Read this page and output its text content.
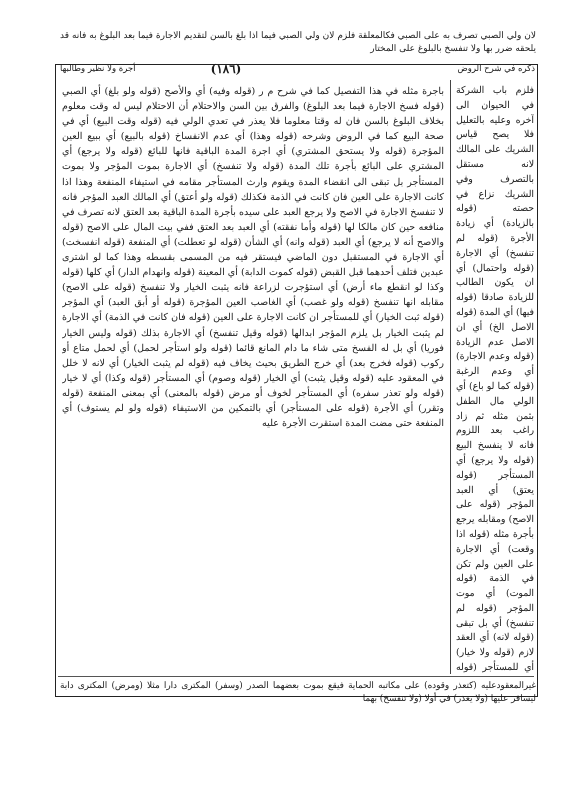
لان ولي الصبي تصرف به على الصبي فكالمعلقة فلزم لان ولي الصبي فيما اذا بلغ بالسن لتقديم الاجارة فيما بعد البلوغ به فانه قد يلحقه ضرر بها ولا تنفسخ بالبلوغ على المختار
ذكره في شرح الروض
(١٨٦)
أجرة ولا نظير وطالبها
باجرة مثله في هذا التفصيل كما في شرح م ر (قوله وفيه) أي والأصح (قوله ولو بلغ) أي الصبي (قوله فسخ الاجارة فيما بعد البلوغ) والفرق بين السن والاحتلام أن الاحتلام ليس له وقت معلوم بخلاف البلوغ بالسن فان له وقتا معلوما فلا يعذر في تعدي الولي فيه (قوله وقت البيع) أي في صحة البيع كما في الروض وشرحه (قوله وهذا) أي عدم الانفساخ (قوله بالبيع) أي ببيع العين المؤجرة (قوله ولا يستحق المشتري) أي اجرة المدة الباقية فانها للبائع (قوله ولا يرجع) أي المشتري على البائع بأجرة تلك المدة (قوله ولا تنفسخ) أي الاجارة بموت المؤجر ولا بموت المستأجر بل تبقى الى انقضاء المدة ويقوم وارث المستأجر مقامه في استيفاء المنفعة وهذا اذا كانت الاجارة على العين فان كانت في الذمة فكذلك (قوله ولو أعتق) أي المالك العبد المؤجر فانه لا تنفسخ الاجارة في الاصح ولا يرجع العبد على سيده بأجرة المدة الباقية بعد العتق لانه تصرف في منافعه حين كان مالكا لها (قوله وأما نفقته) أي العبد بعد العتق ففي بيت المال على الاصح (قوله والاصح أنه لا يرجع) أي العبد (قوله وانه) أي الشأن (قوله لو تعطلت) أي المنفعة (قوله انفسخت) أي الاجارة في المستقبل دون الماضي فيستقر فيه من المسمى بقسطه وهذا كما لو اشترى عبدين فتلف أحدهما قبل القبض (قوله كموت الدابة) أي المعينة (قوله وانهدام الدار) أي كلها (قوله وكذا لو انقطع ماء أرض) أي استؤجرت لزراعة فانه يثبت الخيار ولا تنفسخ (قوله على الاصح) مقابله انها تنفسخ (قوله ولو غصب) أي الغاصب العين المؤجرة (قوله أو أبق العبد) أي المؤجر (قوله ثبت الخيار) أي للمستأجر ان كانت الاجارة على العين (قوله فان كانت في الذمة) أي الاجارة لم يثبت الخيار بل يلزم المؤجر ابدالها (قوله وقيل تنفسخ) أي الاجارة بذلك (قوله وليس الخيار فوريا) أي بل له الفسخ متى شاء ما دام المانع قائما (قوله ولو استأجر لحمل) أي لحمل متاع أو ركوب (قوله فخرج بعد) أي خرج الطريق بحيث يخاف فيه (قوله لم يثبت الخيار) أي لانه لا خلل في المعقود عليه (قوله وقيل يثبت) أي الخيار (قوله وصوم) أي المستأجر (قوله وكذا) أي لا خيار (قوله ولو تعذر سفره) أي المستأجر لخوف أو مرض (قوله بالمعنى) أي بمعنى المنفعة (قوله وتقرر) أي الأجرة (قوله على المستأجر) أي بالتمكين من الاستيفاء (قوله ولو لم يستوف) أي المنفعة حتى مضت المدة استقرت الأجرة عليه
فلزم باب الشركة في الحيوان الى آخره وعليه بالتعليل فلا يصح قياس الشريك على المالك لانه مستقل بالتصرف وفي الشريك نزاع في حصته (قوله بالزيادة) أي زيادة الأجرة (قوله لم تنفسخ) أي الاجارة (قوله واحتمال) أي ان يكون الطالب للزيادة صادقا (قوله فيها) أي المدة (قوله الاصل الخ) أي ان الاصل عدم الزيادة (قوله وعدم الاجارة) أي وعدم الرغبة (قوله كما لو باع) أي الولي مال الطفل بثمن مثله ثم زاد راغب بعد اللزوم فانه لا ينفسخ البيع (قوله ولا يرجع) أي المستأجر (قوله يعتق) أي العبد المؤجر (قوله على الاصح) ومقابله يرجع بأجرة مثله (قوله اذا وقعت) أي الاجارة على العين ولم تكن في الذمة (قوله الموت) أي موت المؤجر (قوله لم تنفسخ) أي بل تبقى (قوله لانه) أي العقد لازم (قوله ولا خيار) أي للمستأجر (قوله
غيرالمعقودعليه (كتعذر وقوده) على مكاتبه الحماية فيقع بموت بعضهما الصدر (وسفر) المكترى دارا مثلا (ومرض) المكترى دابة ليسافر عليها (ولا يعذر) في أولا (ولا تنفسخ) بهما
